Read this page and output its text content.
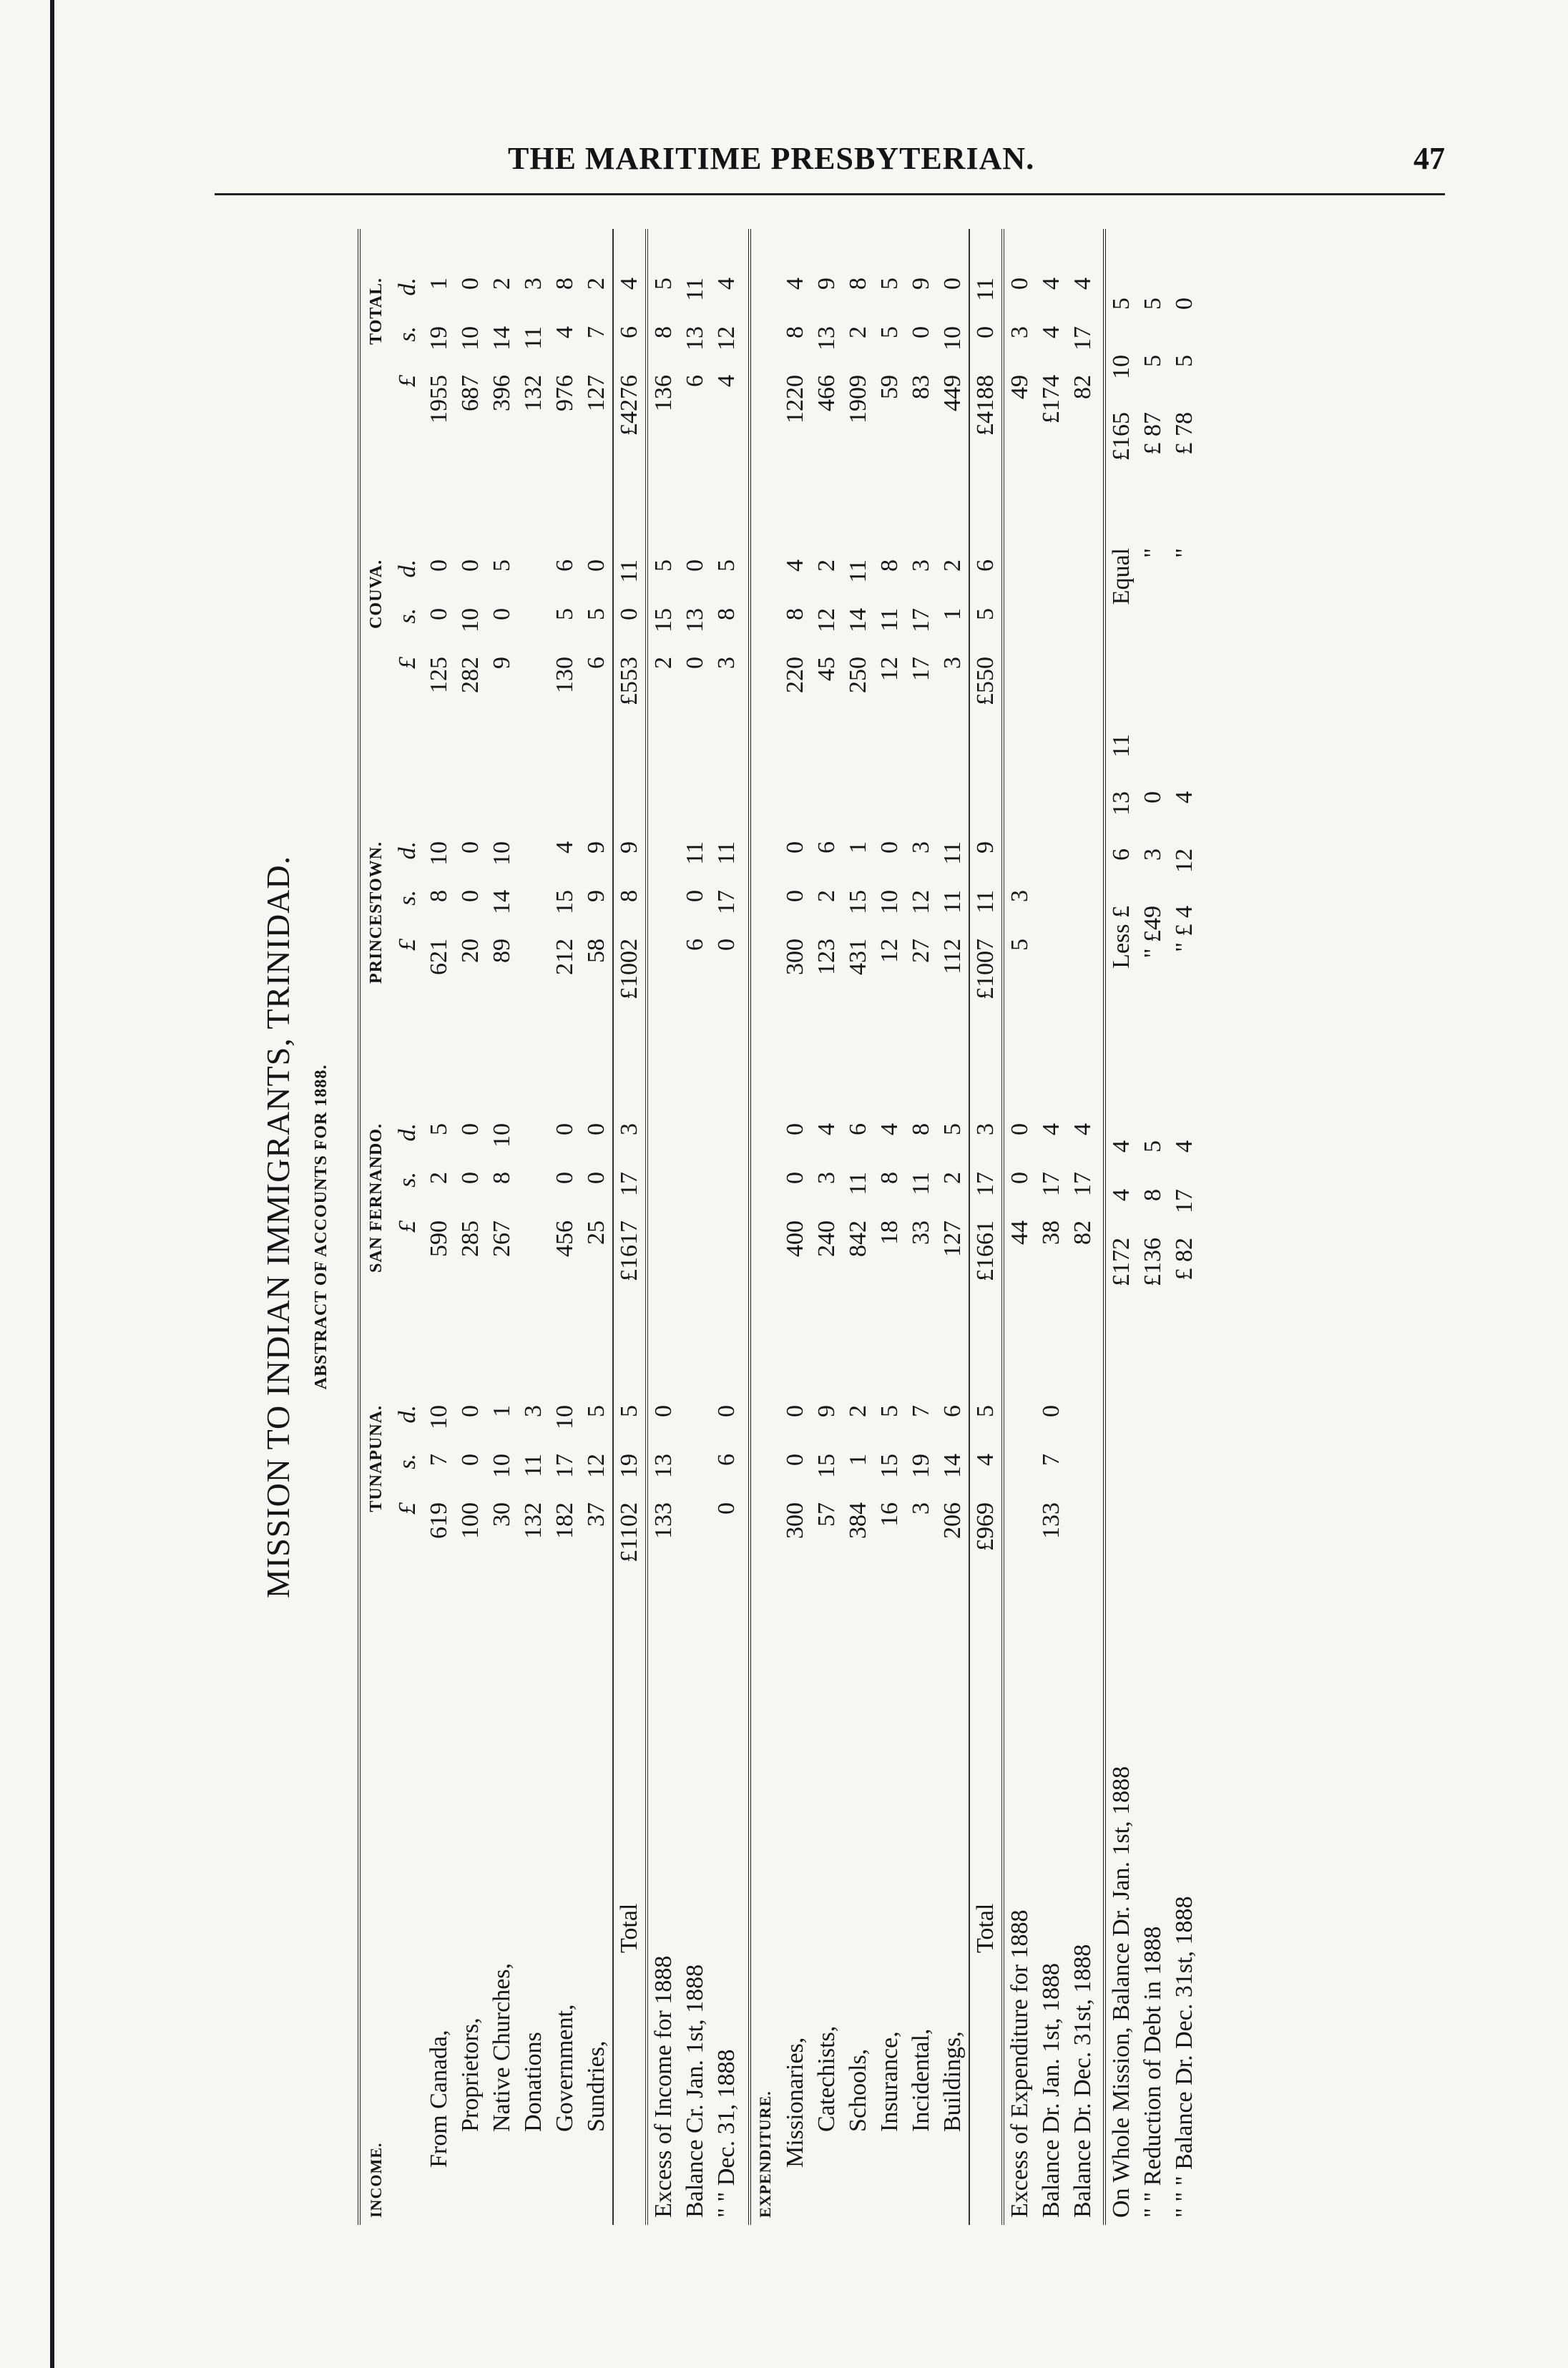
THE MARITIME PRESBYTERIAN.	47
MISSION TO INDIAN IMMIGRANTS, TRINIDAD. ABSTRACT OF ACCOUNTS FOR 1888.
INCOME.
TUNAPUNA.
SAN FERNANDO.
PRINCESTOWN.
COUVA.
TOTAL.
£
s.
d.
£
s.
d.
£
s.
d.
£
s.
d.
£
s.
d.
From Canada,
619
7
10
590
2
5
621
8
10
125
0
0
1955
19
1
Proprietors,
100
0
0
285
0
0
20
0
0
282
10
0
687
10
0
Native Churches,
30
10
1
267
8
10
89
14
10
9
0
5
396
14
2
Donations
132
11
3
132
11
3
Government,
182
17
10
456
0
0
212
15
4
130
5
6
976
4
8
Sundries,
37
12
5
25
0
0
58
9
9
6
5
0
127
7
2
Total
£1102
19
5
£1617
17
3
£1002
8
9
£553
0
11
£4276
6
4
Excess of Income for 1888
133
13
0
2
15
5
136
8
5
Balance Cr. Jan. 1st, 1888
6
0
11
0
13
0
6
13
11
" " Dec. 31, 1888
0
6
0
0
17
11
3
8
5
4
12
4
EXPENDITURE. Missionaries,
300
0
0
400
0
0
300
0
0
220
8
4
1220
8
4
Catechists,
57
15
9
240
3
4
123
2
6
45
12
2
466
13
9
Schools,
384
1
2
842
11
6
431
15
1
250
14
11
1909
2
8
Insurance,
16
15
5
18
8
4
12
10
0
12
11
8
59
5
5
Incidental,
3
19
7
33
11
8
27
12
3
17
17
3
83
0
9
Buildings,
206
14
6
127
2
5
112
11
11
3
1
2
449
10
0
Total
£969
4
5
£1661
17
3
£1007
11
9
£550
5
6
£4188
0
11
Excess of Expenditure for 1888
44
0
0
5
3
49
3
0
Balance Dr. Jan. 1st, 1888
133
7
0
38
17
4
£174
4
4
Balance Dr. Dec. 31st, 1888
82
17
4
82
17
4
On Whole Mission, Balance Dr. Jan. 1st, 1888
£172
4
4
Less £
6
13
11
Equal
£165
10
5
" " Reduction of Debt in 1888
£136
8
5
" £49
3
0
"
£ 87
5
5
" " " Balance Dr. Dec. 31st, 1888
£ 82
17
4
" £ 4
12
4
"
£ 78
5
0
